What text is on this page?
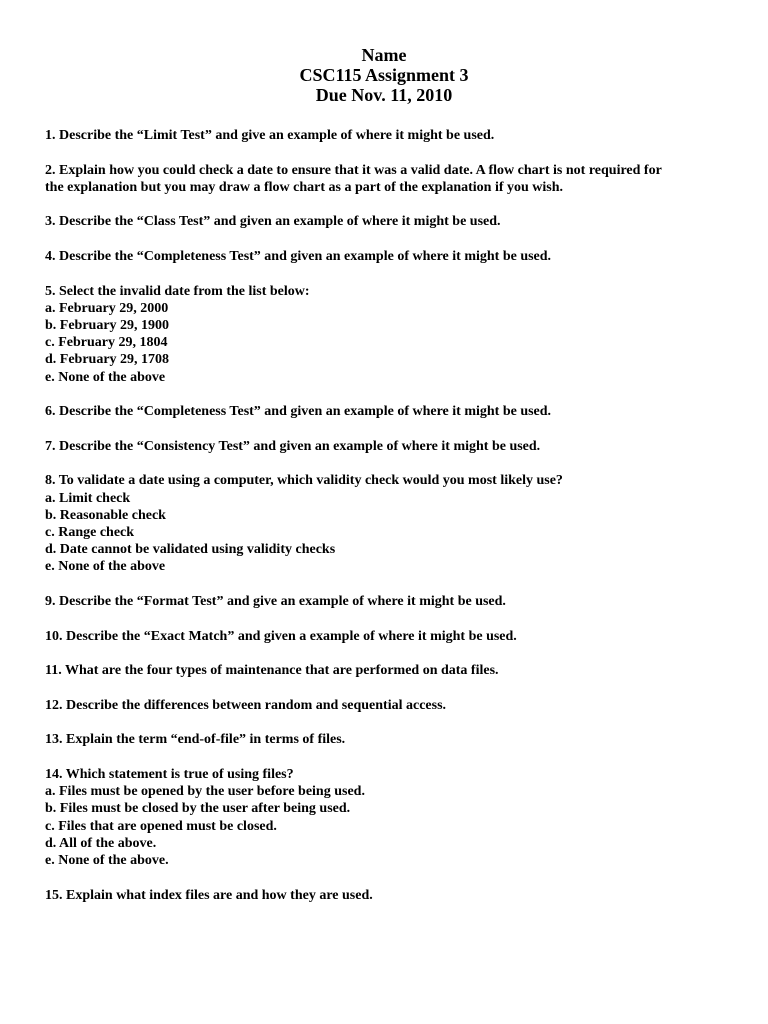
Name
CSC115 Assignment 3
Due Nov. 11, 2010
1. Describe the “Limit Test” and give an example of where it might be used.
2. Explain how you could check a date to ensure that it was a valid date. A flow chart is not required for
the explanation but you may draw a flow chart as a part of the explanation if you wish.
3. Describe the “Class Test” and given an example of where it might be used.
4. Describe the “Completeness Test” and given an example of where it might be used.
5. Select the invalid date from the list below:
a. February 29, 2000
b. February 29, 1900
c. February 29, 1804
d. February 29, 1708
e. None of the above
6. Describe the “Completeness Test” and given an example of where it might be used.
7. Describe the “Consistency Test” and given an example of where it might be used.
8. To validate a date using a computer, which validity check would you most likely use?
a. Limit check
b. Reasonable check
c. Range check
d. Date cannot be validated using validity checks
e. None of the above
9. Describe the “Format Test” and give an example of where it might be used.
10. Describe the “Exact Match” and given a example of where it might be used.
11. What are the four types of maintenance that are performed on data files.
12. Describe the differences between random and sequential access.
13. Explain the term “end-of-file” in terms of files.
14. Which statement is true of using files?
a. Files must be opened by the user before being used.
b. Files must be closed by the user after being used.
c. Files that are opened must be closed.
d. All of the above.
e. None of the above.
15. Explain what index files are and how they are used.
